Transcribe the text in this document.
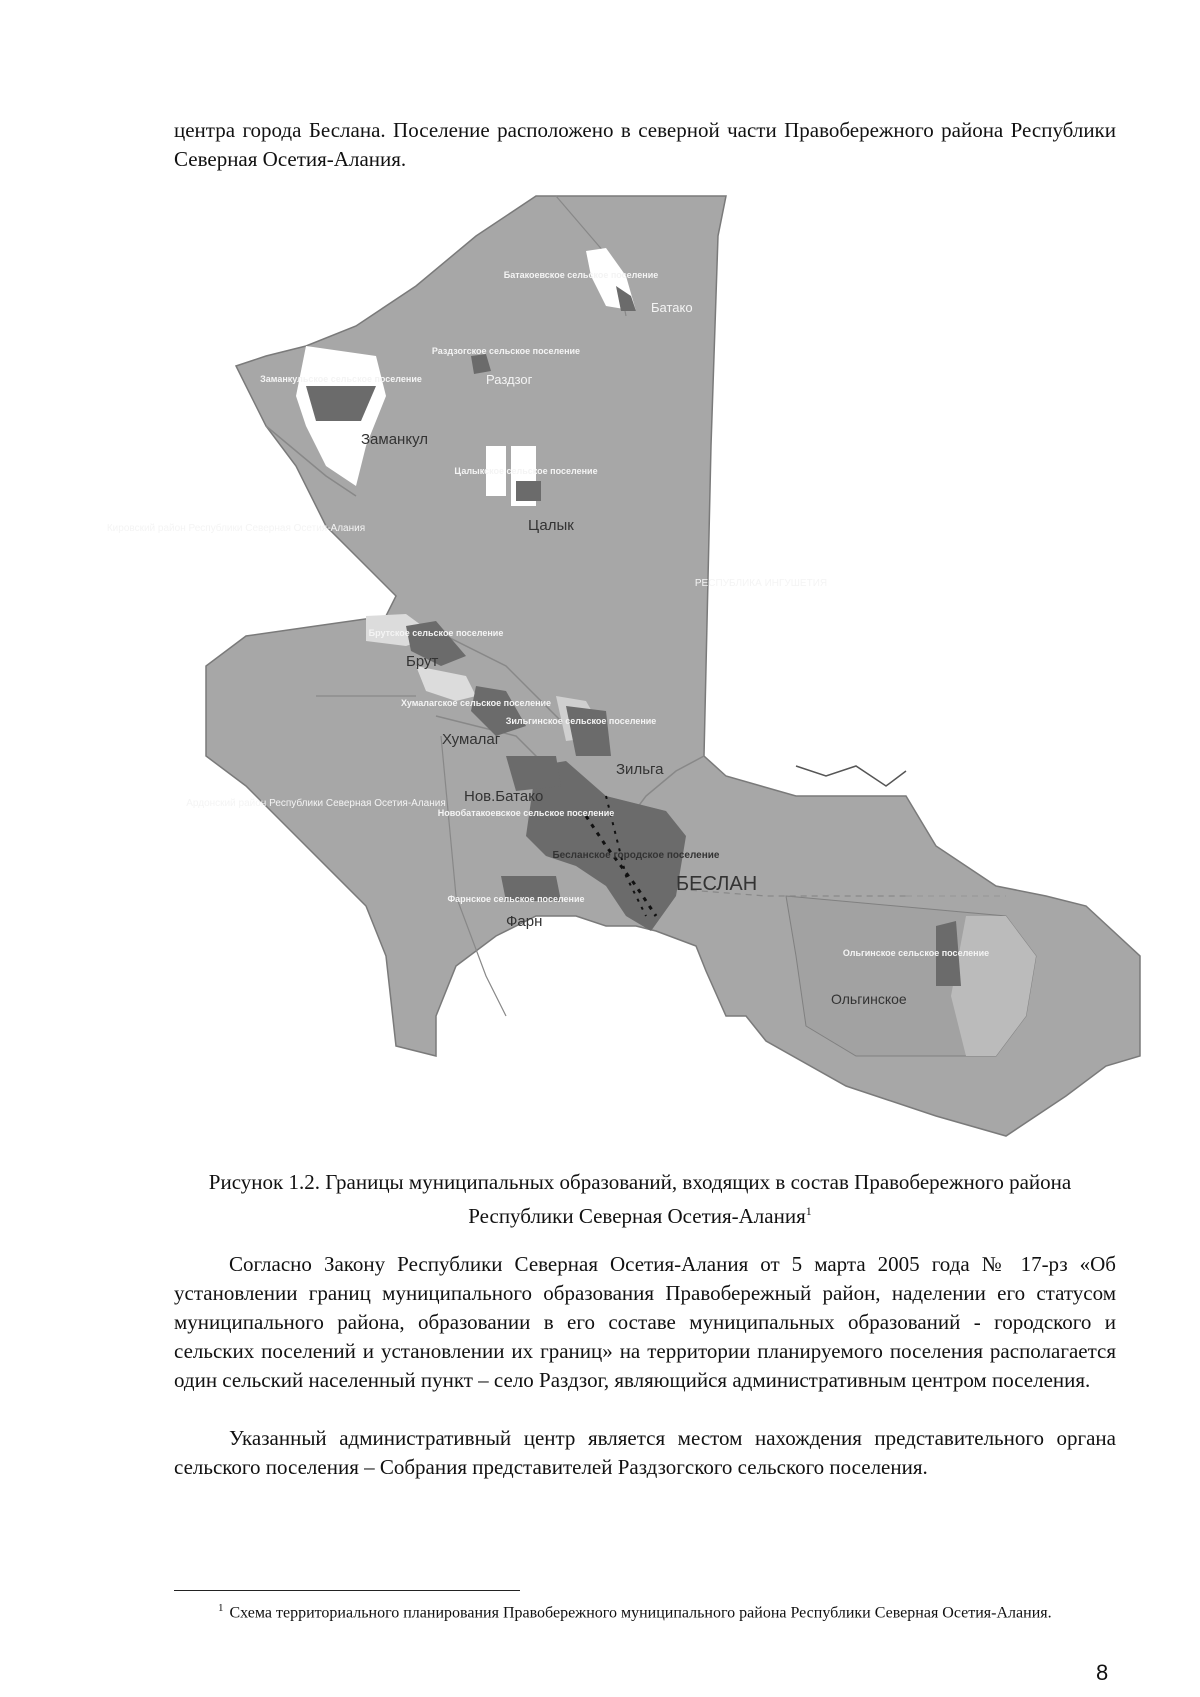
центра города Беслана. Поселение расположено в северной части Правобережного района Республики Северная Осетия-Алания.

Батакоевское сельское поселение
Батако
Раздзогское сельское поселение
Раздзог
Заманкульское сельское поселение
Заманкул
Цалыкское сельское поселение
Цалык
Кировский район Республики Северная Осетия-Алания
РЕСПУБЛИКА ИНГУШЕТИЯ
Брутское сельское поселение
Брут
Хумалагское сельское поселение
Хумалаг
Зильгинское сельское поселение
Зильга
Ардонский район Республики Северная Осетия-Алания Нов.Батако
Новобатакоевское сельское поселение
Бесланское городское поселение
БЕСЛАН
Фарнское сельское поселение
Фарн
Ольгинское сельское поселение
Ольгинское

Рисунок 1.2. Границы муниципальных образований, входящих в состав Правобережного района Республики Северная Осетия-Алания$^1$

Согласно Закону Республики Северная Осетия-Алания от 5 марта 2005 года № 17-рз «Об установлении границ муниципального образования Правобережный район, наделении его статусом муниципального района, образовании в его составе муниципальных образований - городского и сельских поселений и установлении их границ» на территории планируемого поселения располагается один сельский населенный пункт – село Раздзог, являющийся административным центром поселения.

Указанный административный центр является местом нахождения представительного органа сельского поселения – Собрания представителей Раздзогского сельского поселения.

$^1$ Схема территориального планирования Правобережного муниципального района Республики Северная Осетия-Алания.

8
